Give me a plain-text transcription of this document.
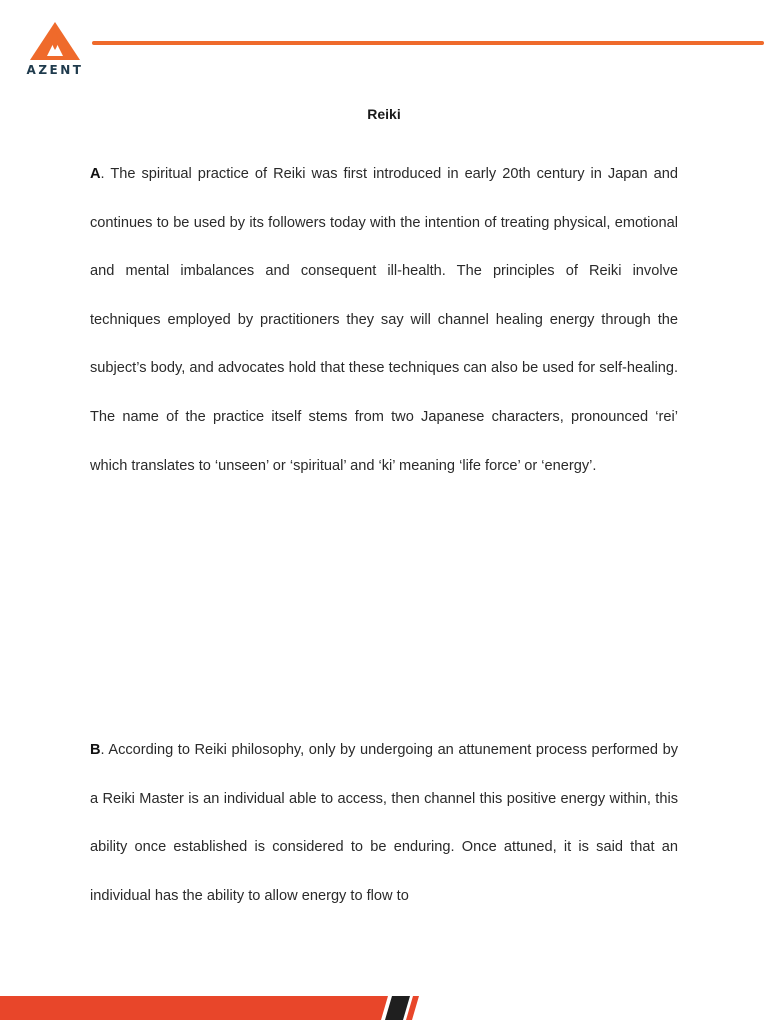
AZENT
Reiki

A. The spiritual practice of Reiki was first introduced in early 20th century in Japan and continues to be used by its followers today with the intention of treating physical, emotional and mental imbalances and consequent ill-health. The principles of Reiki involve techniques employed by practitioners they say will channel healing energy through the subject’s body, and advocates hold that these techniques can also be used for self-healing. The name of the practice itself stems from two Japanese characters, pronounced ‘rei’ which translates to ‘unseen’ or ‘spiritual’ and ‘ki’ meaning ‘life force’ or ‘energy’.

B. According to Reiki philosophy, only by undergoing an attunement process performed by a Reiki Master is an individual able to access, then channel this positive energy within, this ability once established is considered to be enduring. Once attuned, it is said that an individual has the ability to allow energy to flow to
